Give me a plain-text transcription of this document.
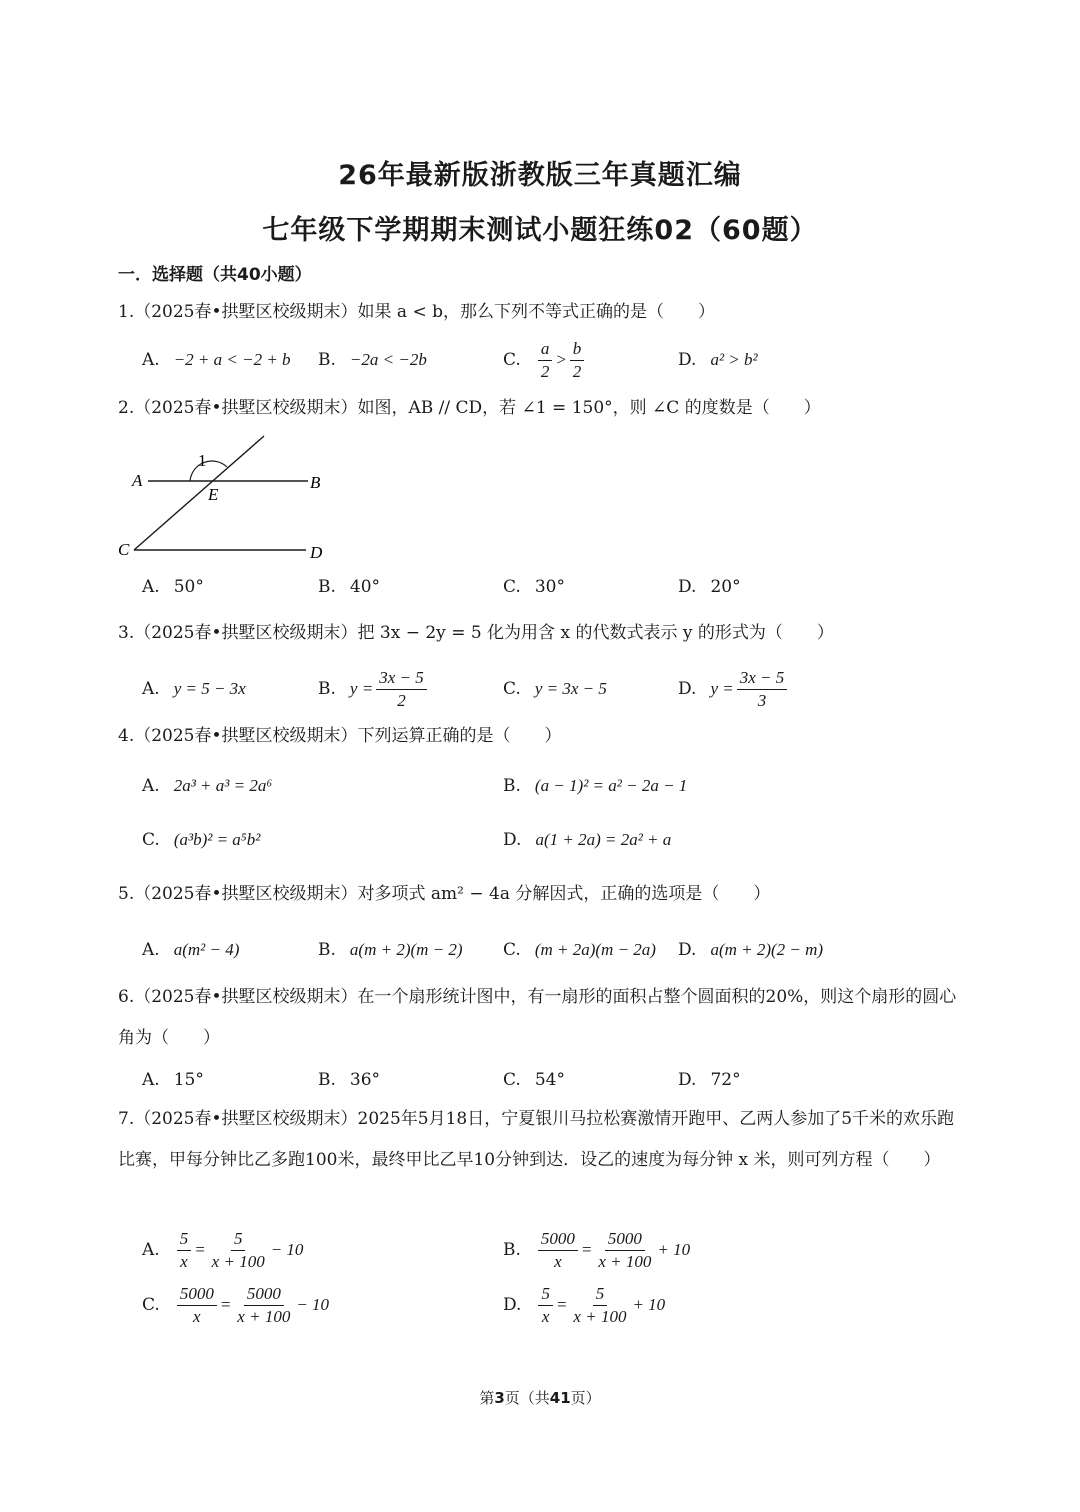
26年最新版浙教版三年真题汇编
七年级下学期期末测试小题狂练02（60题）
一．选择题（共40小题）
1.（2025春•拱墅区校级期末）如果 a < b，那么下列不等式正确的是（　　）
A. −2 + a < −2 + b B. −2a < −2b	C. $\frac{a}{2} > \frac{b}{2}$	D. a² > b²
2.（2025春•拱墅区校级期末）如图，AB // CD，若 ∠1 = 150°，则 ∠C 的度数是（　　）
A	B
C	D
E
1
A. 50°	B. 40°	C. 30°	D. 20°
3.（2025春•拱墅区校级期末）把 3x − 2y = 5 化为用含 x 的代数式表示 y 的形式为（　　）
A. y = 5 − 3x	B. $y = \frac{3x - 5}{2}$	C. y = 3x − 5	D. $y = \frac{3x - 5}{3}$
4.（2025春•拱墅区校级期末）下列运算正确的是（　　）
A. 2a³ + a³ = 2a⁶	B. (a − 1)² = a² − 2a − 1
C. (a³b)² = a⁵b²	D. a(1 + 2a) = 2a² + a
5.（2025春•拱墅区校级期末）对多项式 am² − 4a 分解因式，正确的选项是（　　）
A. a(m² − 4)	B. a(m + 2)(m − 2) C. (m + 2a)(m − 2a) D. a(m + 2)(2 − m)
6.（2025春•拱墅区校级期末）在一个扇形统计图中，有一扇形的面积占整个圆面积的20%，则这个扇形的圆心角为（　　）
A. 15°	B. 36°	C. 54°	D. 72°
7.（2025春•拱墅区校级期末）2025年5月18日，宁夏银川马拉松赛激情开跑甲、乙两人参加了5千米的欢乐跑比赛，甲每分钟比乙多跑100米，最终甲比乙早10分钟到达．设乙的速度为每分钟 x 米，则可列方程（　　）
A. $\frac{5}{x} = \frac{5}{x + 100} - 10$	B. $\frac{5000}{x} = \frac{5000}{x + 100} + 10$
C. $\frac{5000}{x} = \frac{5000}{x + 100} - 10$	D. $\frac{5}{x} = \frac{5}{x + 100} + 10$
第3页（共41页）
